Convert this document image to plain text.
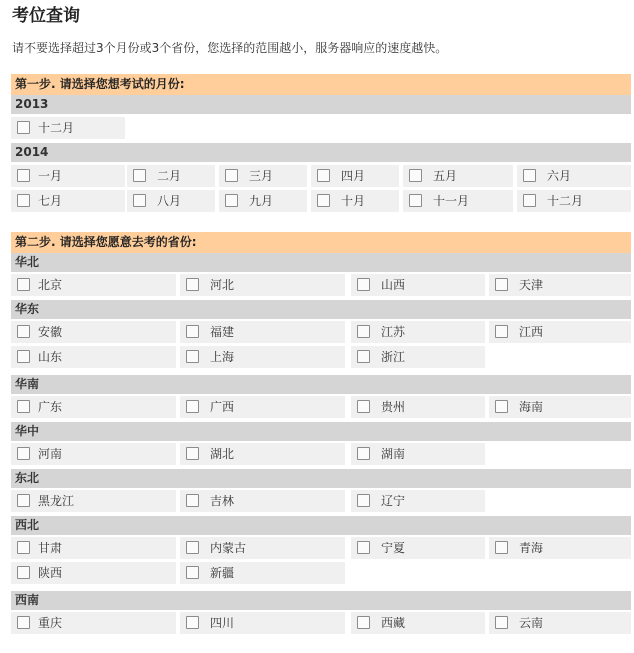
考位查询
请不要选择超过3个月份或3个省份，您选择的范围越小，服务器响应的速度越快。
第一步. 请选择您想考试的月份:
第二步. 请选择您愿意去考的省份:
2013
十二月
2014
一月	二月	三月	四月	五月	六月
七月	八月	九月	十月	十一月	十二月
华北
北京	河北	山西	天津
华东
安徽	福建	江苏	江西
山东	上海	浙江
华南
广东	广西	贵州	海南
华中
河南	湖北	湖南
东北
黑龙江	吉林	辽宁
西北
甘肃	内蒙古	宁夏	青海
陕西	新疆
西南
重庆	四川	西藏	云南
